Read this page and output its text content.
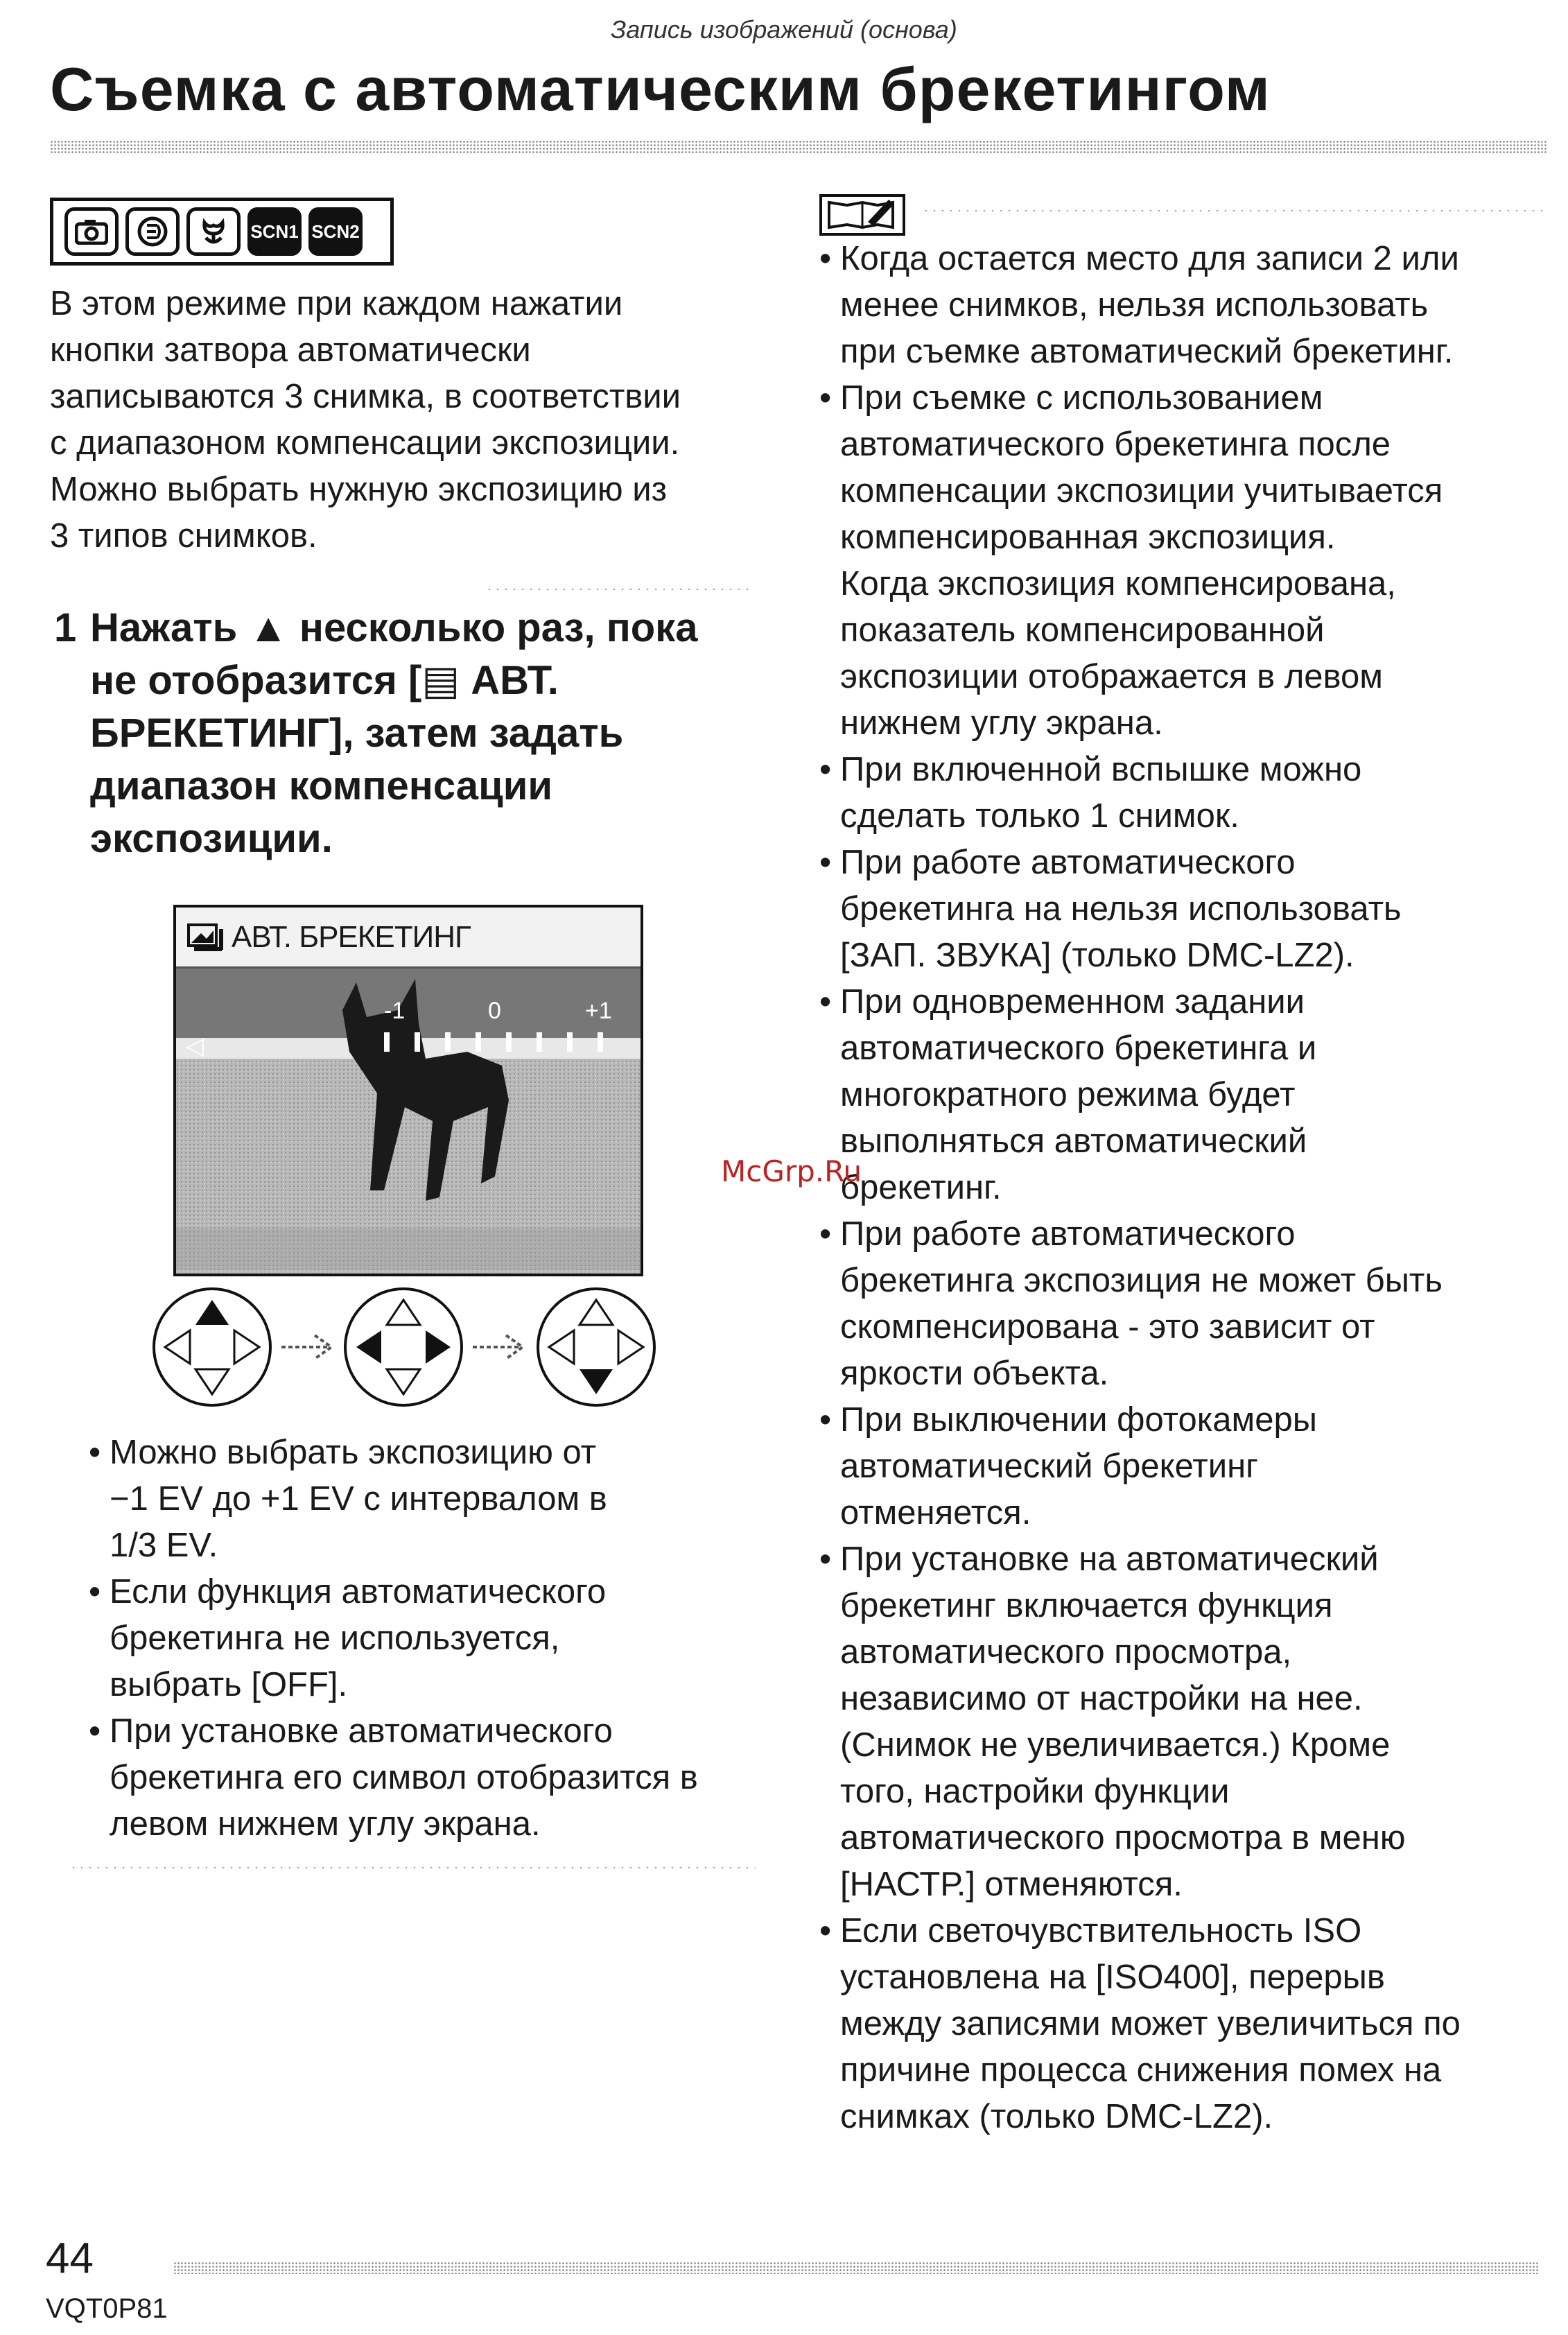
Запись изображений (основа)
Съемка с автоматическим брекетингом
SCN1 SCN2
В этом режиме при каждом нажатии
кнопки затвора автоматически
записываются 3 снимка, в соответствии
с диапазоном компенсации экспозиции.
Можно выбрать нужную экспозицию из
3 типов снимков.
1 Нажать ▲ несколько раз, пока
не отобразится [▤ АВТ.
БРЕКЕТИНГ], затем задать
диапазон компенсации
экспозиции.
АВТ. БРЕКЕТИНГ
-1	0	+1
◁
• Можно выбрать экспозицию от
−1 EV до +1 EV с интервалом в
1/3 EV.
• Если функция автоматического
брекетинга не используется,
выбрать [OFF].
• При установке автоматического
брекетинга его символ отобразится в
левом нижнем углу экрана.
• Когда остается место для записи 2 или
менее снимков, нельзя использовать
при съемке автоматический брекетинг.
• При съемке с использованием
автоматического брекетинга после
компенсации экспозиции учитывается
компенсированная экспозиция.
Когда экспозиция компенсирована,
показатель компенсированной
экспозиции отображается в левом
нижнем углу экрана.
• При включенной вспышке можно
сделать только 1 снимок.
• При работе автоматического
брекетинга на нельзя использовать
[ЗАП. ЗВУКА] (только DMC-LZ2).
• При одновременном задании
автоматического брекетинга и
многократного режима будет
выполняться автоматический
брекетинг.
• При работе автоматического
брекетинга экспозиция не может быть
скомпенсирована - это зависит от
яркости объекта.
• При выключении фотокамеры
автоматический брекетинг
отменяется.
• При установке на автоматический
брекетинг включается функция
автоматического просмотра,
независимо от настройки на нее.
(Снимок не увеличивается.) Кроме
того, настройки функции
автоматического просмотра в меню
[НАСТР.] отменяются.
• Если светочувствительность ISO
установлена на [ISO400], перерыв
между записями может увеличиться по
причине процесса снижения помех на
снимках (только DMC-LZ2).
McGrp.Ru
44
VQT0P81
